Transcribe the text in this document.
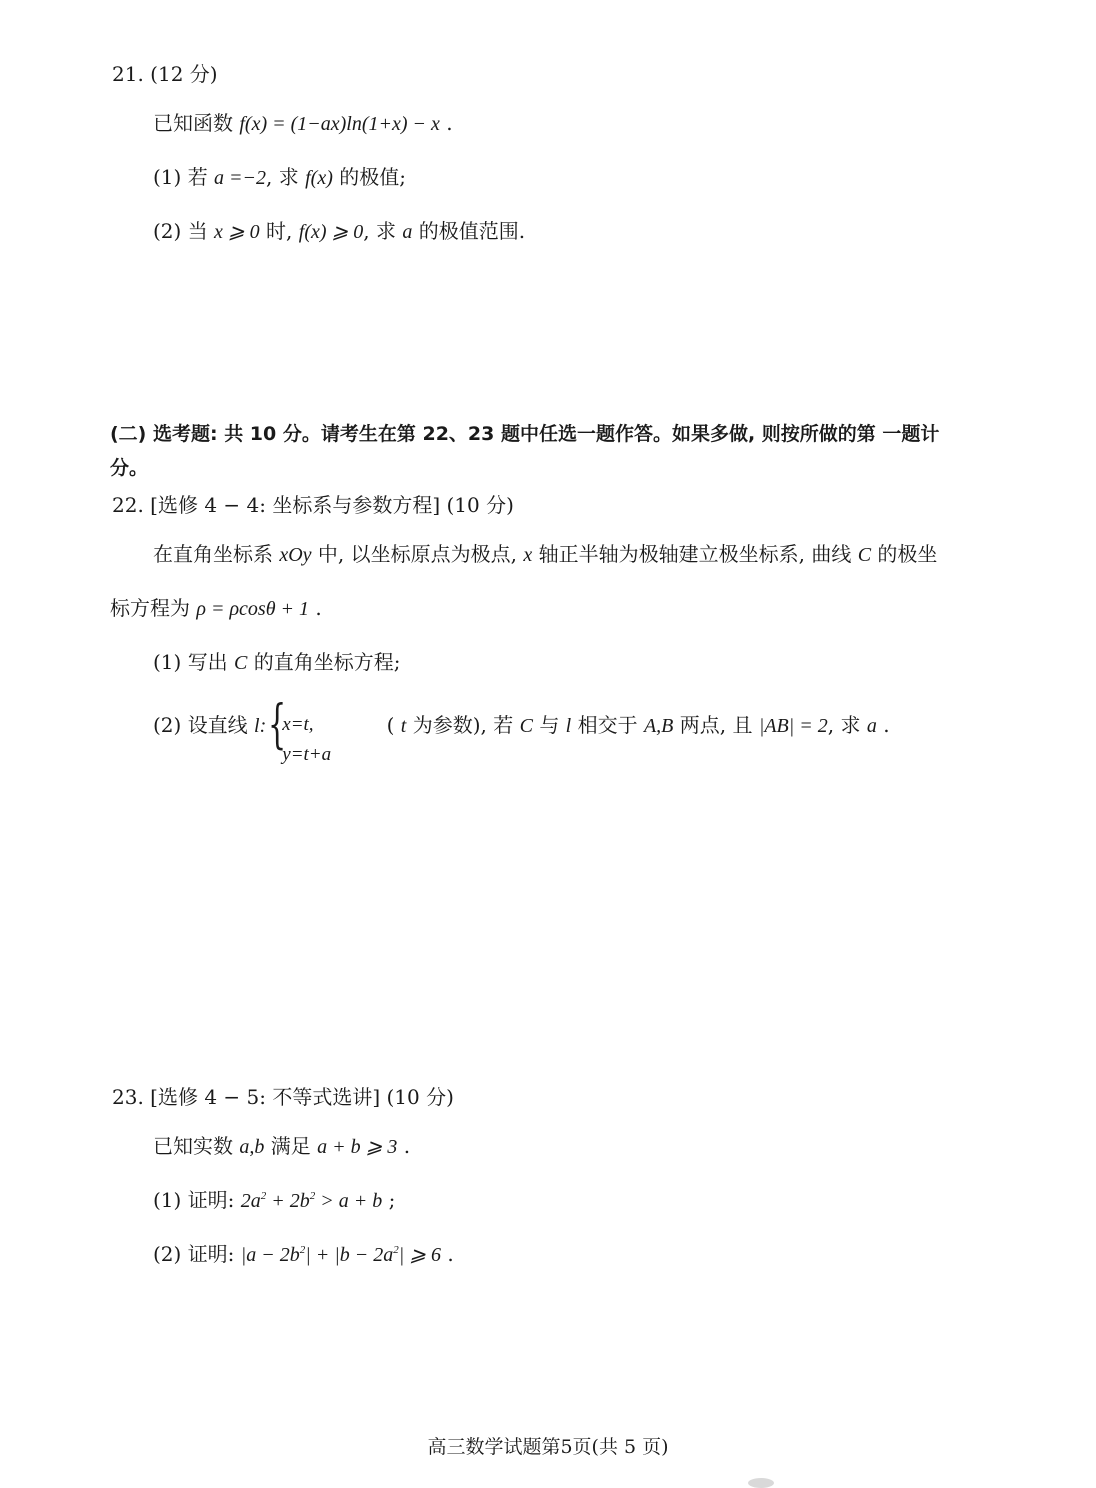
21. (12 分)
已知函数 f(x) = (1−ax)ln(1+x) − x .
(1) 若 a =−2, 求 f(x) 的极值;
(2) 当 x ⩾ 0 时, f(x) ⩾ 0, 求 a 的极值范围.
(二) 选考题: 共 10 分。请考生在第 22、23 题中任选一题作答。如果多做, 则按所做的第 一题计
分。
22. [选修 4 − 4: 坐标系与参数方程] (10 分)
在直角坐标系 xOy 中, 以坐标原点为极点, x 轴正半轴为极轴建立极坐标系, 曲线 C 的极坐
标方程为 ρ = ρcosθ + 1 .
(1) 写出 C 的直角坐标方程;
(2) 设直线 l: {
x=t,
y=t+a
( t 为参数), 若 C 与 l 相交于 A,B 两点, 且 |AB| = 2, 求 a .
23. [选修 4 − 5: 不等式选讲] (10 分)
已知实数 a,b 满足 a + b ⩾ 3 .
(1) 证明: $2a^2 + 2b^2 > a + b$ ;
(2) 证明: $|a - 2b^2| + |b - 2a^2|$ ⩾ 6 .
高三数学试题第5页(共 5 页)
